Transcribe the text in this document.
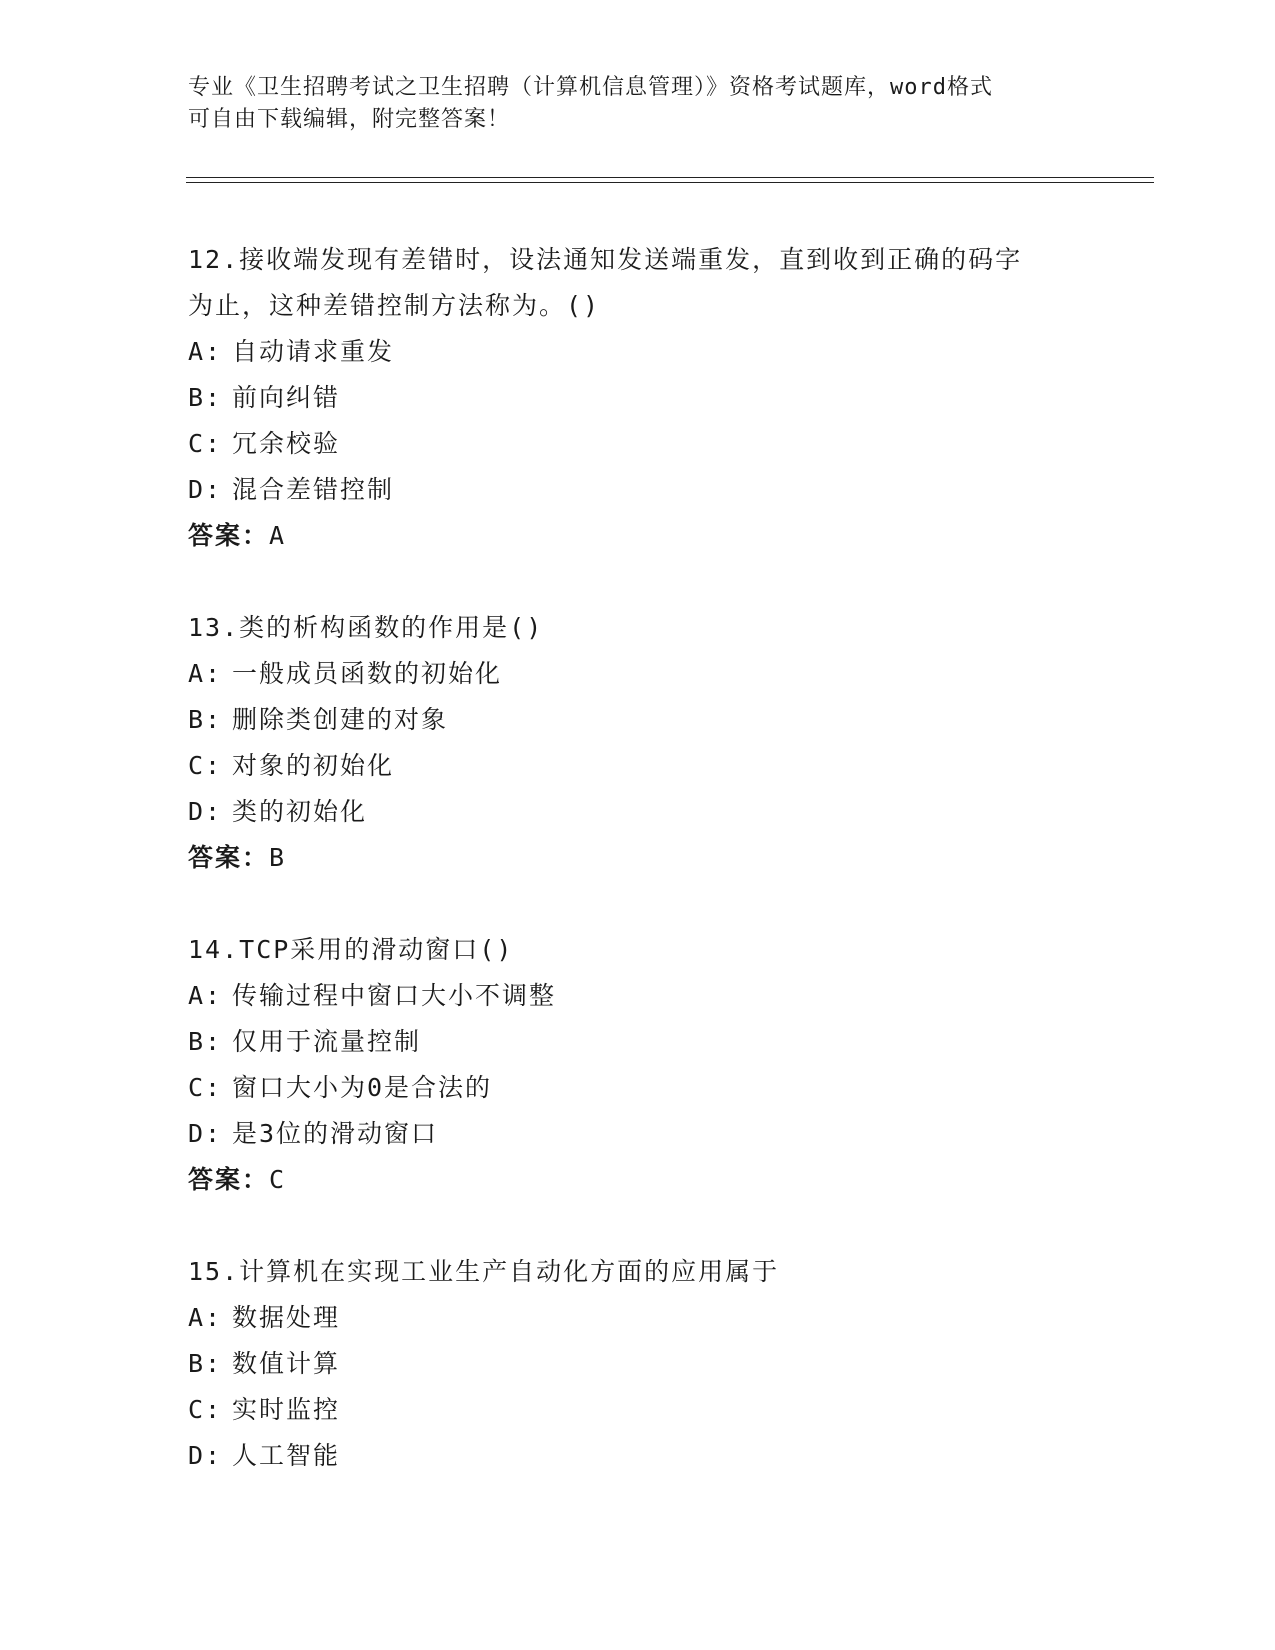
专业《卫生招聘考试之卫生招聘（计算机信息管理）》资格考试题库，word格式
可自由下载编辑，附完整答案！
12.接收端发现有差错时，设法通知发送端重发，直到收到正确的码字
为止，这种差错控制方法称为。()
A: 自动请求重发
B: 前向纠错
C: 冗余校验
D: 混合差错控制
答案：A
13.类的析构函数的作用是()
A: 一般成员函数的初始化
B: 删除类创建的对象
C: 对象的初始化
D: 类的初始化
答案：B
14.TCP采用的滑动窗口()
A: 传输过程中窗口大小不调整
B: 仅用于流量控制
C: 窗口大小为0是合法的
D: 是3位的滑动窗口
答案：C
15.计算机在实现工业生产自动化方面的应用属于
A: 数据处理
B: 数值计算
C: 实时监控
D: 人工智能
